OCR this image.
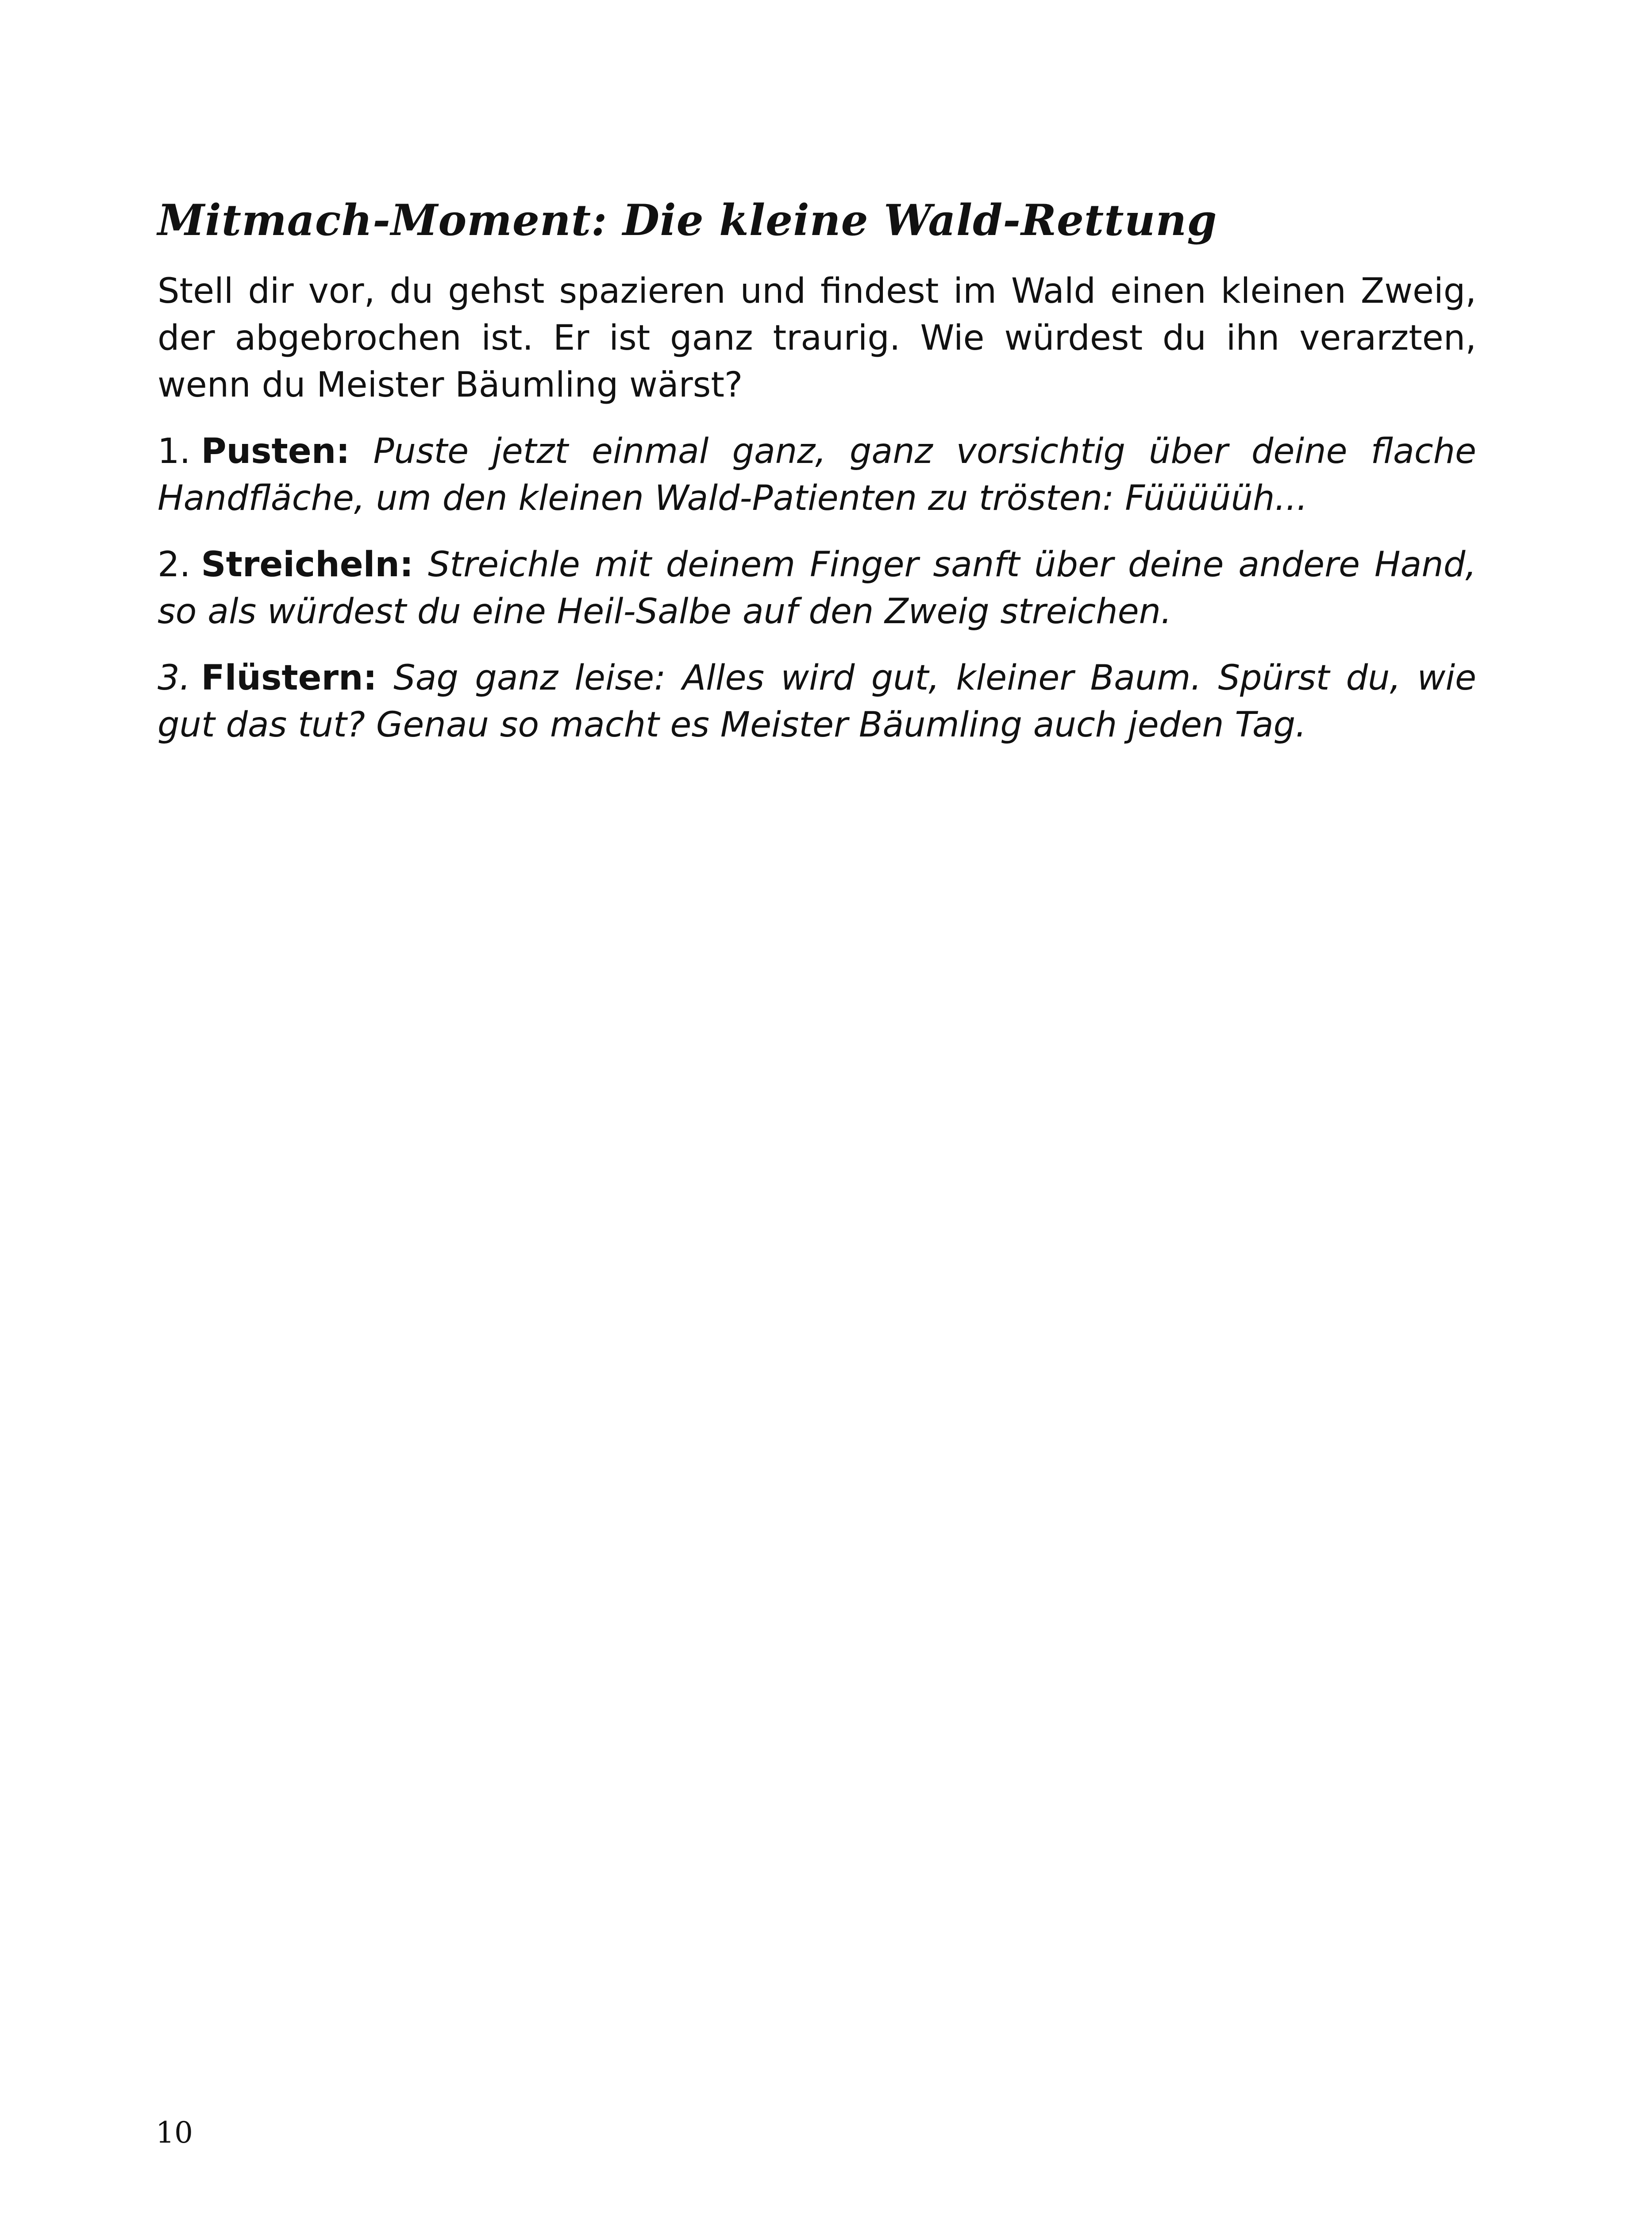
Mitmach-Moment: Die kleine Wald-Rettung

Stell dir vor, du gehst spazieren und findest im Wald einen kleinen Zweig, der abgebrochen ist. Er ist ganz traurig. Wie würdest du ihn verarzten, wenn du Meister Bäumling wärst?

1. Pusten: Puste jetzt einmal ganz, ganz vorsichtig über deine flache Handfläche, um den kleinen Wald-Patienten zu trösten: Füüüüüh...

2. Streicheln: Streichle mit deinem Finger sanft über deine andere Hand, so als würdest du eine Heil-Salbe auf den Zweig streichen.

3. Flüstern: Sag ganz leise: Alles wird gut, kleiner Baum. Spürst du, wie gut das tut? Genau so macht es Meister Bäumling auch jeden Tag.

10
